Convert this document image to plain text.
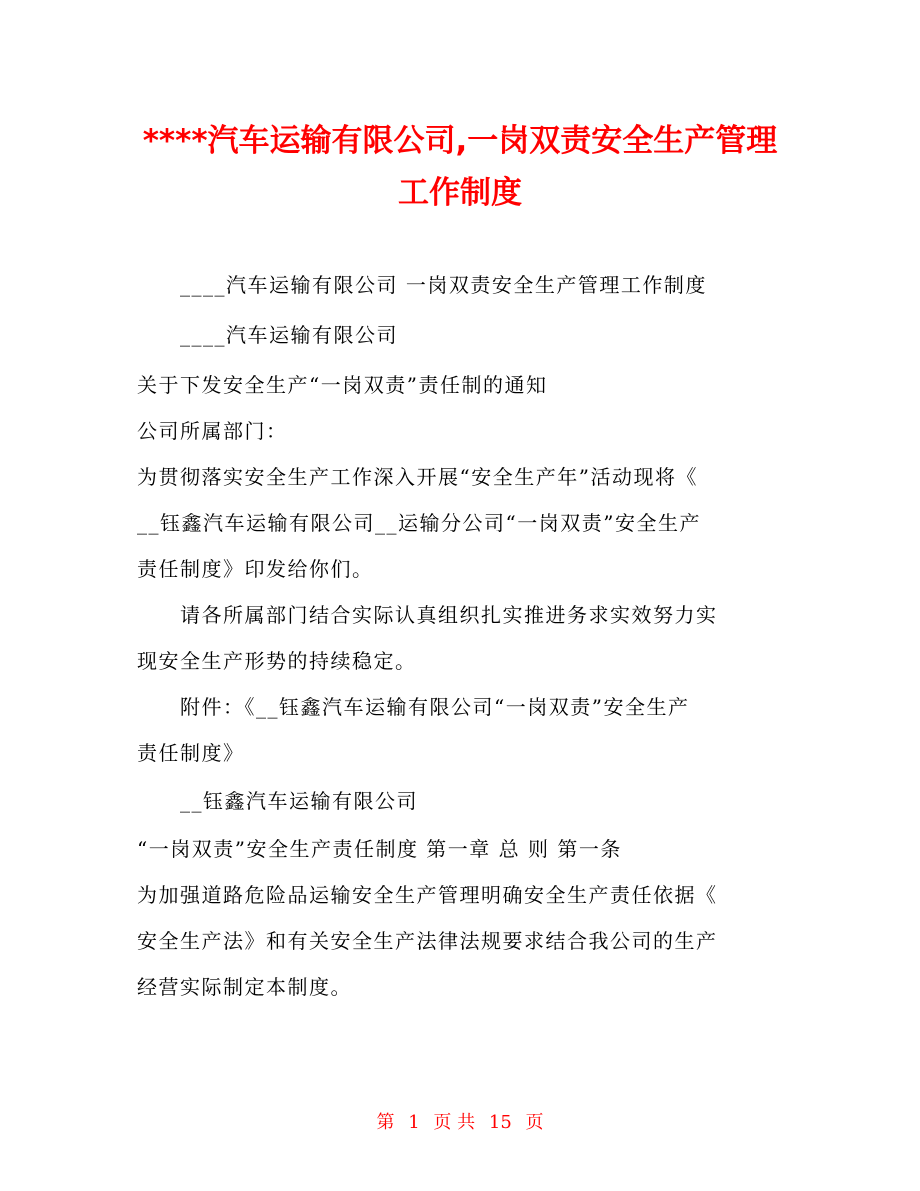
****汽车运输有限公司,一岗双责安全生产管理
工作制度

____汽车运输有限公司 一岗双责安全生产管理工作制度

____汽车运输有限公司

关于下发安全生产“一岗双责”责任制的通知

公司所属部门：

为贯彻落实安全生产工作深入开展“安全生产年”活动现将《

__钰鑫汽车运输有限公司__运输分公司“一岗双责”安全生产

责任制度》印发给你们。

请各所属部门结合实际认真组织扎实推进务求实效努力实

现安全生产形势的持续稳定。

附件：《__钰鑫汽车运输有限公司“一岗双责”安全生产

责任制度》

__钰鑫汽车运输有限公司

“一岗双责”安全生产责任制度 第一章 总 则 第一条

为加强道路危险品运输安全生产管理明确安全生产责任依据《

安全生产法》和有关安全生产法律法规要求结合我公司的生产

经营实际制定本制度。

第 1 页 共 15 页
